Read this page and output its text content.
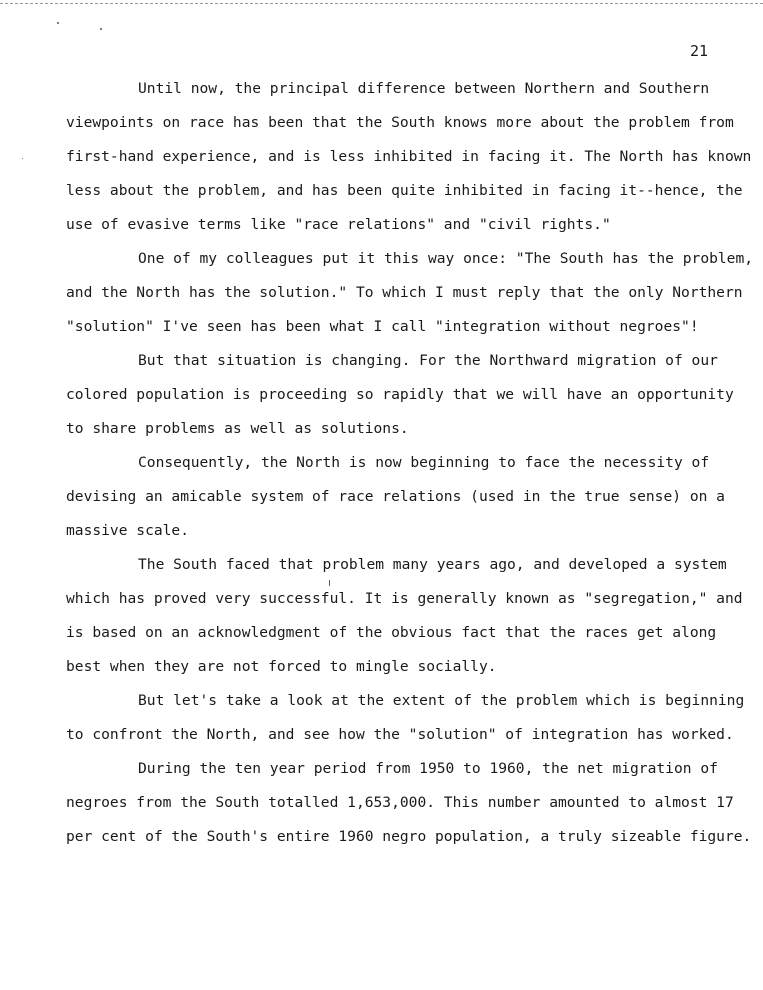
21

Until now, the principal difference between Northern and Southern viewpoints on race has been that the South knows more about the problem from first-hand experience, and is less inhibited in facing it. The North has known less about the problem, and has been quite inhibited in facing it--hence, the use of evasive terms like "race relations" and "civil rights."

One of my colleagues put it this way once: "The South has the problem, and the North has the solution." To which I must reply that the only Northern "solution" I've seen has been what I call "integration without negroes"!

But that situation is changing. For the Northward migration of our colored population is proceeding so rapidly that we will have an opportunity to share problems as well as solutions.

Consequently, the North is now beginning to face the necessity of devising an amicable system of race relations (used in the true sense) on a massive scale.

The South faced that problem many years ago, and developed a system which has proved very successful. It is generally known as "segregation," and is based on an acknowledgment of the obvious fact that the races get along best when they are not forced to mingle socially.

But let's take a look at the extent of the problem which is beginning to confront the North, and see how the "solution" of integration has worked.

During the ten year period from 1950 to 1960, the net migration of negroes from the South totalled 1,653,000. This number amounted to almost 17 per cent of the South's entire 1960 negro population, a truly sizeable figure.
